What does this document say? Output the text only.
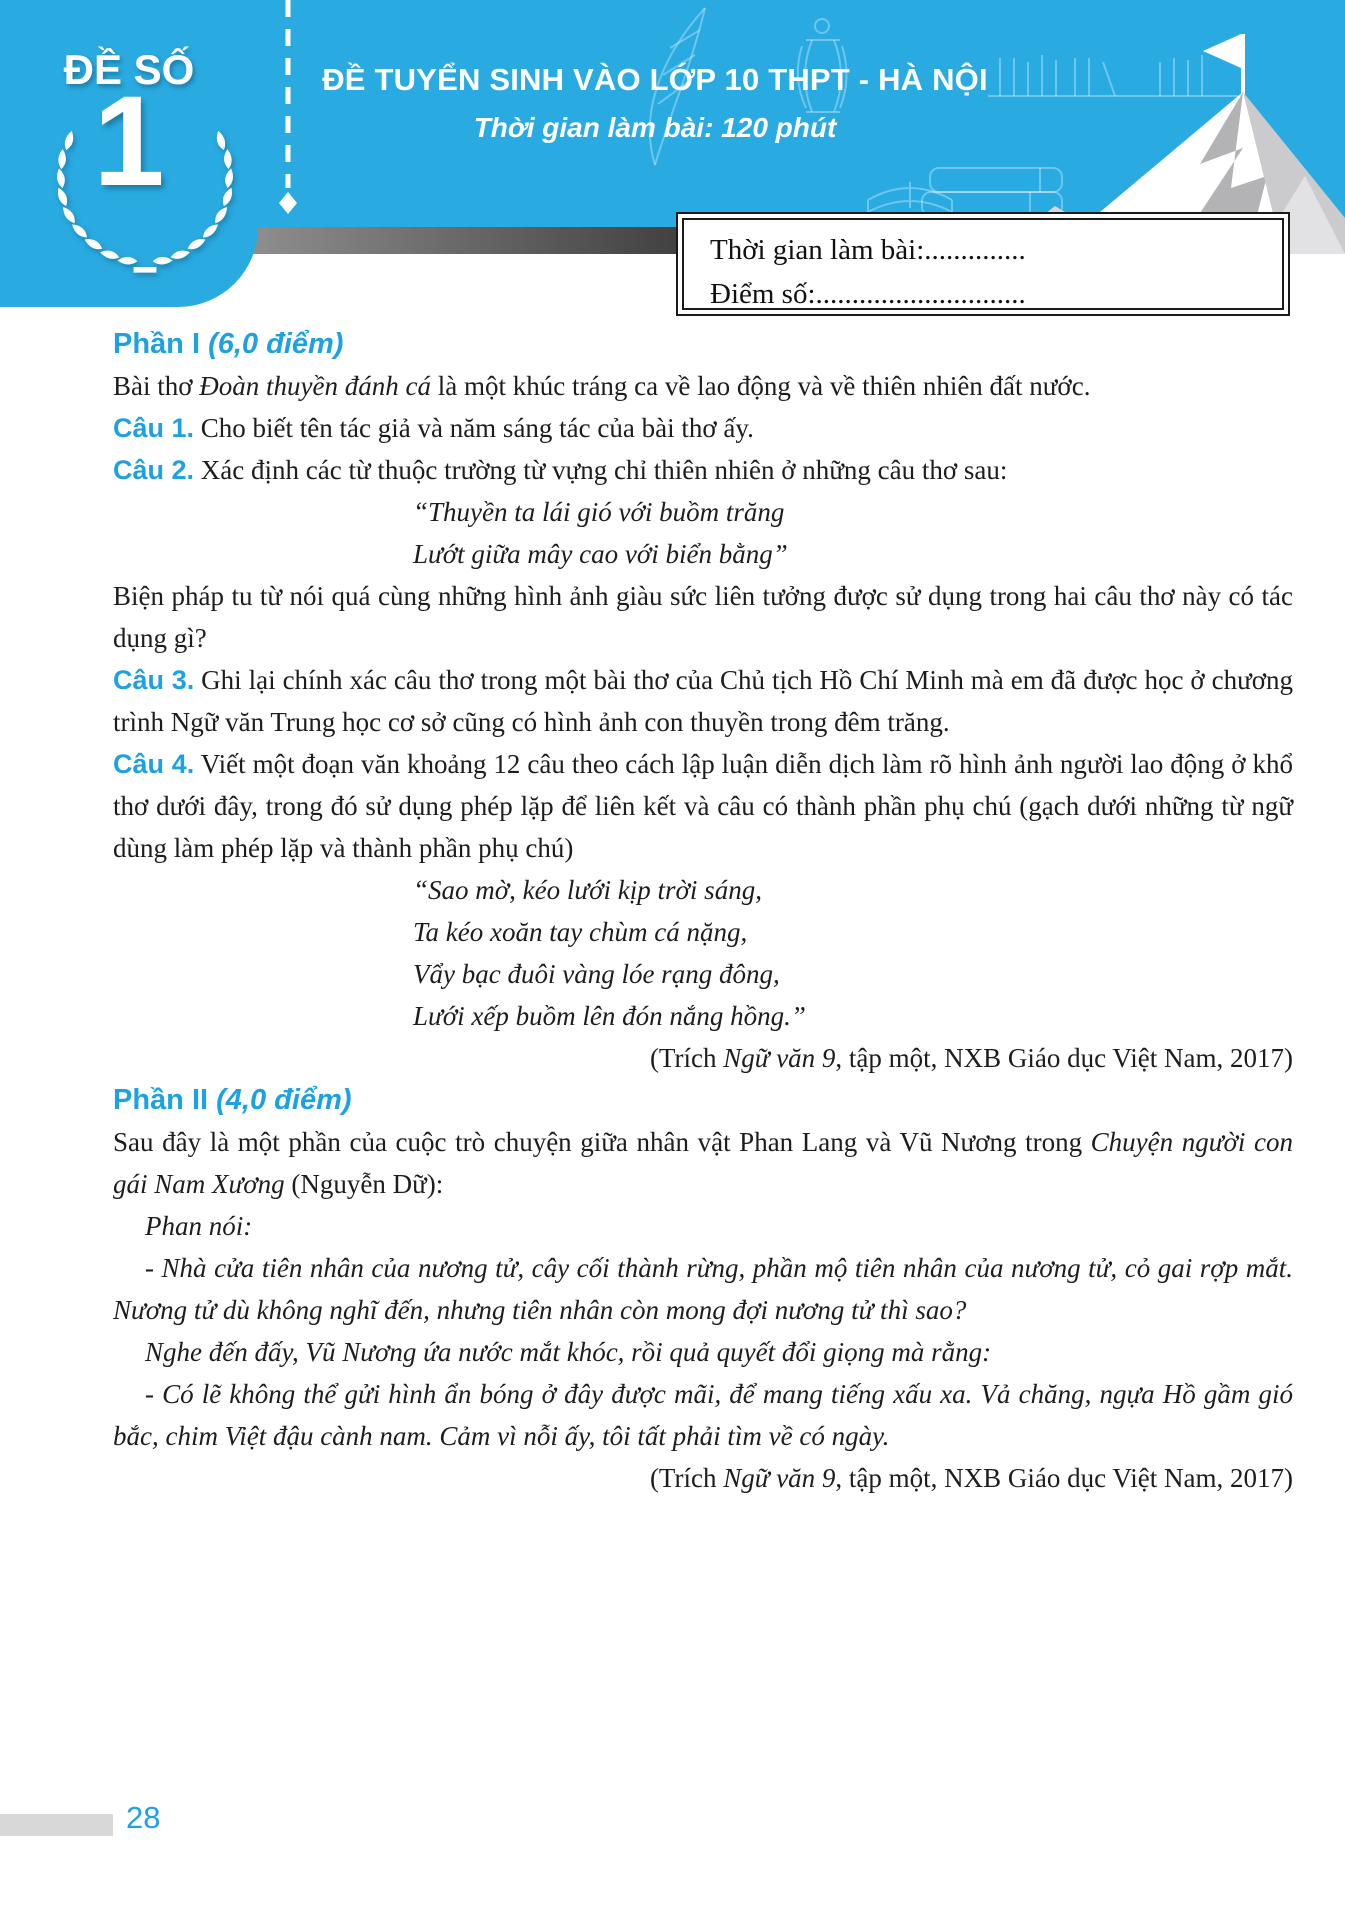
ĐỀ SỐ
1	ĐỀ TUYỂN SINH VÀO LỚP 10 THPT - HÀ NỘI
Thời gian làm bài: 120 phút
Thời gian làm bài:..............
Điểm số:.............................

Phần I (6,0 điểm)

Bài thơ Đoàn thuyền đánh cá là một khúc tráng ca về lao động và về thiên nhiên đất nước.

Câu 1. Cho biết tên tác giả và năm sáng tác của bài thơ ấy.

Câu 2. Xác định các từ thuộc trường từ vựng chỉ thiên nhiên ở những câu thơ sau:

“Thuyền ta lái gió với buồm trăng

Lướt giữa mây cao với biển bằng”

Biện pháp tu từ nói quá cùng những hình ảnh giàu sức liên tưởng được sử dụng trong hai câu thơ này có tác dụng gì?

Câu 3. Ghi lại chính xác câu thơ trong một bài thơ của Chủ tịch Hồ Chí Minh mà em đã được học ở chương trình Ngữ văn Trung học cơ sở cũng có hình ảnh con thuyền trong đêm trăng.

Câu 4. Viết một đoạn văn khoảng 12 câu theo cách lập luận diễn dịch làm rõ hình ảnh người lao động ở khổ thơ dưới đây, trong đó sử dụng phép lặp để liên kết và câu có thành phần phụ chú (gạch dưới những từ ngữ dùng làm phép lặp và thành phần phụ chú)

“Sao mờ, kéo lưới kịp trời sáng,

Ta kéo xoăn tay chùm cá nặng,

Vẩy bạc đuôi vàng lóe rạng đông,

Lưới xếp buồm lên đón nắng hồng.”

(Trích Ngữ văn 9, tập một, NXB Giáo dục Việt Nam, 2017)

Phần II (4,0 điểm)

Sau đây là một phần của cuộc trò chuyện giữa nhân vật Phan Lang và Vũ Nương trong Chuyện người con gái Nam Xương (Nguyễn Dữ):

Phan nói:

- Nhà cửa tiên nhân của nương tử, cây cối thành rừng, phần mộ tiên nhân của nương tử, cỏ gai rợp mắt. Nương tử dù không nghĩ đến, nhưng tiên nhân còn mong đợi nương tử thì sao?

Nghe đến đấy, Vũ Nương ứa nước mắt khóc, rồi quả quyết đổi giọng mà rằng:

- Có lẽ không thể gửi hình ẩn bóng ở đây được mãi, để mang tiếng xấu xa. Vả chăng, ngựa Hồ gầm gió bắc, chim Việt đậu cành nam. Cảm vì nỗi ấy, tôi tất phải tìm về có ngày.

(Trích Ngữ văn 9, tập một, NXB Giáo dục Việt Nam, 2017)

28
